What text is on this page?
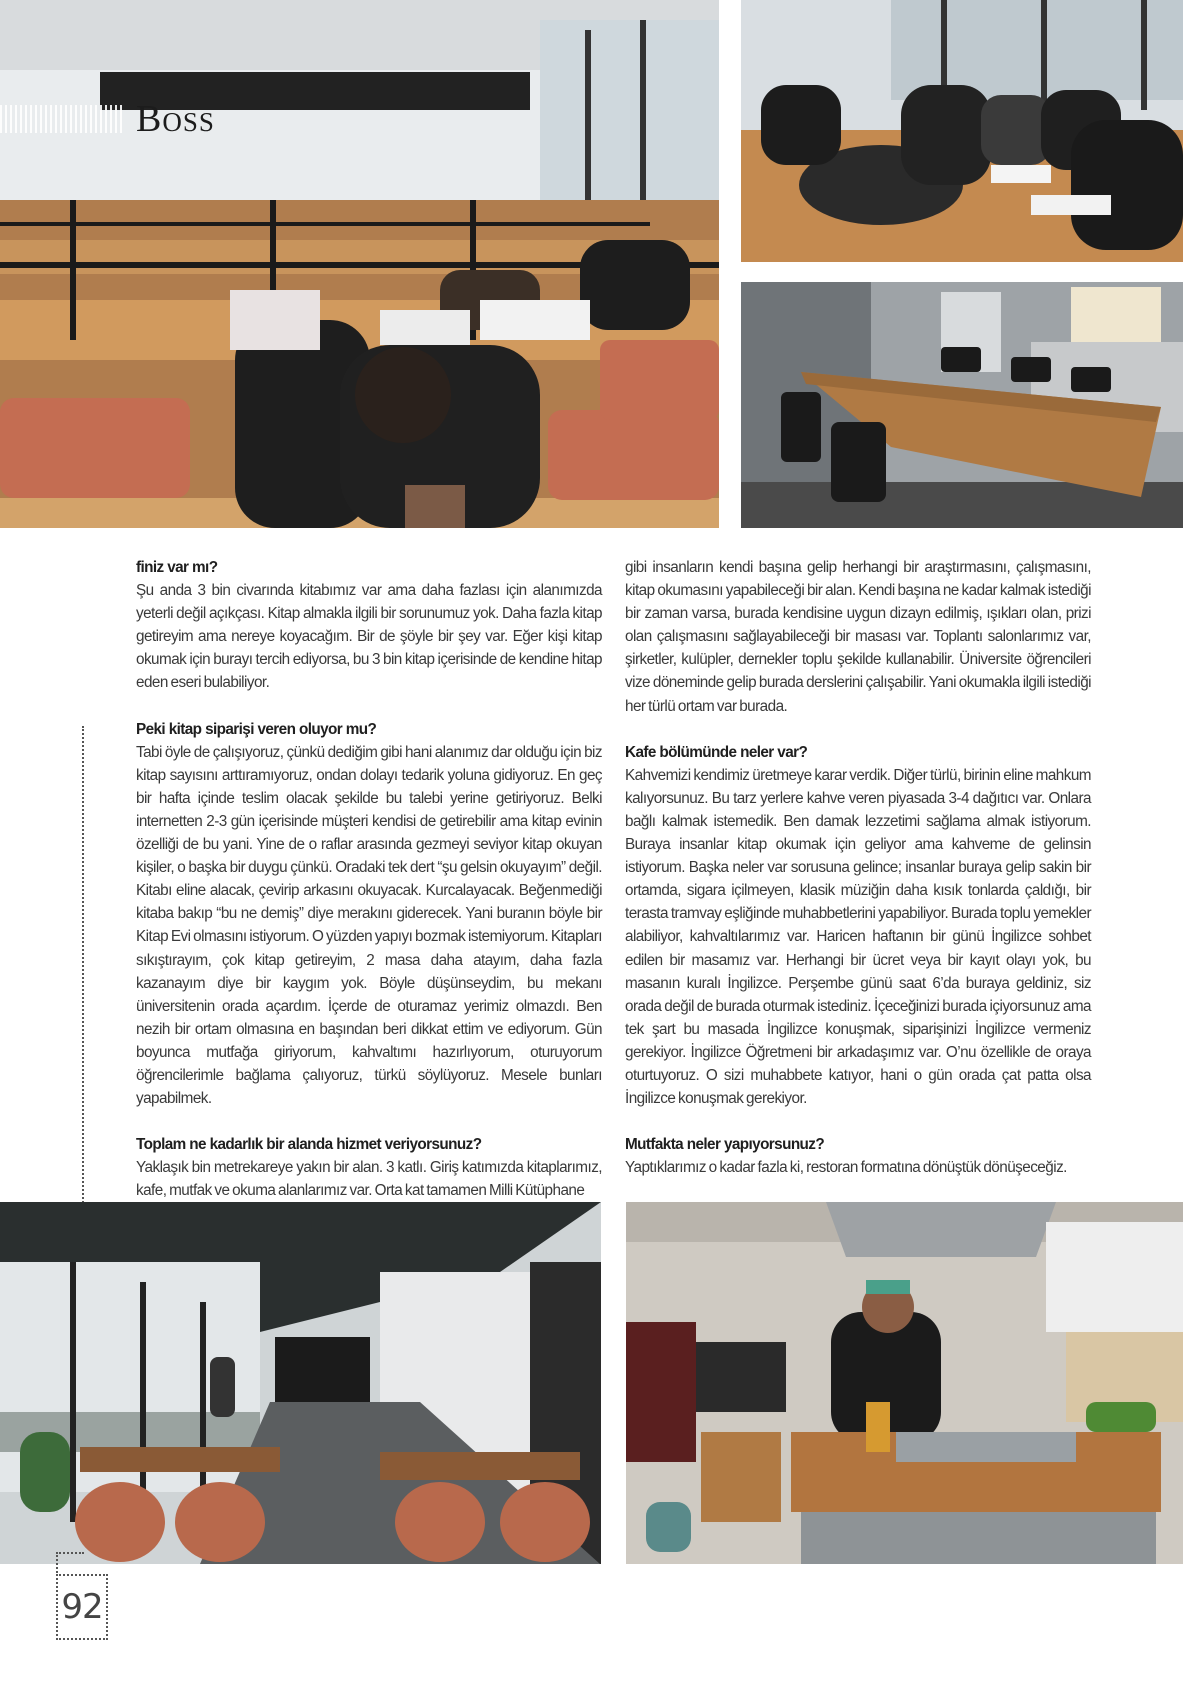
Boss
finiz var mı?

Şu anda 3 bin civarında kitabımız var ama daha fazlası için alanımızda yeterli değil açıkçası. Kitap almakla ilgili bir sorunumuz yok. Daha fazla kitap getireyim ama nereye koyacağım. Bir de şöyle bir şey var. Eğer kişi kitap okumak için burayı tercih ediyorsa, bu 3 bin kitap içerisinde de kendine hitap eden eseri bulabiliyor.

Peki kitap siparişi veren oluyor mu?

Tabi öyle de çalışıyoruz, çünkü dediğim gibi hani alanımız dar olduğu için biz kitap sayısını arttıramıyoruz, ondan dolayı tedarik yoluna gidiyoruz. En geç bir hafta içinde teslim olacak şekilde bu talebi yerine getiriyoruz. Belki internetten 2-3 gün içerisinde müşteri kendisi de getirebilir ama kitap evinin özelliği de bu yani. Yine de o raflar arasında gezmeyi seviyor kitap okuyan kişiler, o başka bir duygu çünkü. Oradaki tek dert “şu gelsin okuyayım” değil. Kitabı eline alacak, çevirip arkasını okuyacak. Kurcalayacak. Beğenmediği kitaba bakıp “bu ne demiş” diye merakını giderecek. Yani buranın böyle bir Kitap Evi olmasını istiyorum. O yüzden yapıyı bozmak istemiyorum. Kitapları sıkıştırayım, çok kitap getireyim, 2 masa daha atayım, daha fazla kazanayım diye bir kaygım yok. Böyle düşünseydim, bu mekanı üniversitenin orada açardım. İçerde de oturamaz yerimiz olmazdı. Ben nezih bir ortam olmasına en başından beri dikkat ettim ve ediyorum. Gün boyunca mutfağa giriyorum, kahvaltımı hazırlıyorum, oturuyorum öğrencilerimle bağlama çalıyoruz, türkü söylüyoruz. Mesele bunları yapabilmek.

Toplam ne kadarlık bir alanda hizmet veriyorsunuz?

Yaklaşık bin metrekareye yakın bir alan. 3 katlı. Giriş katımızda kitaplarımız, kafe, mutfak ve okuma alanlarımız var. Orta kat tamamen Milli Kütüphane

gibi insanların kendi başına gelip herhangi bir araştırmasını, çalışmasını, kitap okumasını yapabileceği bir alan. Kendi başına ne kadar kalmak istediği bir zaman varsa, burada kendisine uygun dizayn edilmiş, ışıkları olan, prizi olan çalışmasını sağlayabileceği bir masası var. Toplantı salonlarımız var, şirketler, kulüpler, dernekler toplu şekilde kullanabilir. Üniversite öğrencileri vize döneminde gelip burada derslerini çalışabilir. Yani okumakla ilgili istediği her türlü ortam var burada.

Kafe bölümünde neler var?

Kahvemizi kendimiz üretmeye karar verdik. Diğer türlü, birinin eline mahkum kalıyorsunuz. Bu tarz yerlere kahve veren piyasada 3-4 dağıtıcı var. Onlara bağlı kalmak istemedik. Ben damak lezzetimi sağlama almak istiyorum. Buraya insanlar kitap okumak için geliyor ama kahveme de gelinsin istiyorum. Başka neler var sorusuna gelince; insanlar buraya gelip sakin bir ortamda, sigara içilmeyen, klasik müziğin daha kısık tonlarda çaldığı, bir terasta tramvay eşliğinde muhabbetlerini yapabiliyor. Burada toplu yemekler alabiliyor, kahvaltılarımız var. Haricen haftanın bir günü İngilizce sohbet edilen bir masamız var. Herhangi bir ücret veya bir kayıt olayı yok, bu masanın kuralı İngilizce. Perşembe günü saat 6’da buraya geldiniz, siz orada değil de burada oturmak istediniz. İçeceğinizi burada içiyorsunuz ama tek şart bu masada İngilizce konuşmak, siparişinizi İngilizce vermeniz gerekiyor. İngilizce Öğretmeni bir arkadaşımız var. O’nu özellikle de oraya oturtuyoruz. O sizi muhabbete katıyor, hani o gün orada çat patta olsa İngilizce konuşmak gerekiyor.

Mutfakta neler yapıyorsunuz?

Yaptıklarımız o kadar fazla ki, restoran formatına dönüştük dönüşeceğiz.

92
